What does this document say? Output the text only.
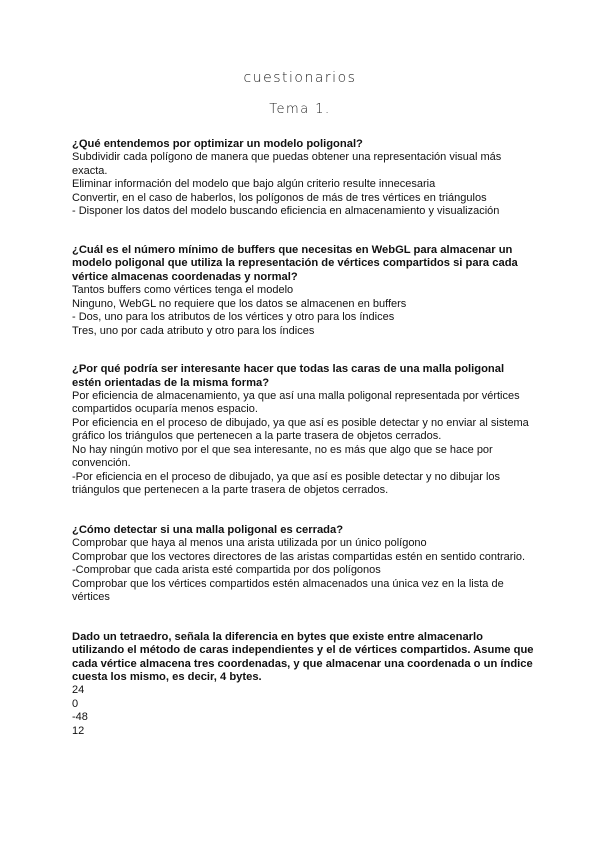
cuestionarios
Tema 1.
¿Qué entendemos por optimizar un modelo poligonal?
Subdividir cada polígono de manera que puedas obtener una representación visual más exacta.
Eliminar información del modelo que bajo algún criterio resulte innecesaria
Convertir, en el caso de haberlos, los polígonos de más de tres vértices en triángulos
- Disponer los datos del modelo buscando eficiencia en almacenamiento y visualización
¿Cuál es el número mínimo de buffers que necesitas en WebGL para almacenar un modelo poligonal que utiliza la representación de vértices compartidos si para cada vértice almacenas coordenadas y normal?
Tantos buffers como vértices tenga el modelo
Ninguno, WebGL no requiere que los datos se almacenen en buffers
- Dos, uno para los atributos de los vértices y otro para los índices
Tres, uno por cada atributo y otro para los índices
¿Por qué podría ser interesante hacer que todas las caras de una malla poligonal estén orientadas de la misma forma?
Por eficiencia de almacenamiento, ya que así una malla poligonal representada por vértices compartidos ocuparía menos espacio.
Por eficiencia en el proceso de dibujado, ya que así es posible detectar y no enviar al sistema gráfico los triángulos que pertenecen a la parte trasera de objetos cerrados.
No hay ningún motivo por el que sea interesante, no es más que algo que se hace por convención.
-Por eficiencia en el proceso de dibujado, ya que así es posible detectar y no dibujar los triángulos que pertenecen a la parte trasera de objetos cerrados.
¿Cómo detectar si una malla poligonal es cerrada?
Comprobar que haya al menos una arista utilizada por un único polígono
Comprobar que los vectores directores de las aristas compartidas estén en sentido contrario.
-Comprobar que cada arista esté compartida por dos polígonos
Comprobar que los vértices compartidos estén almacenados una única vez en la lista de vértices
Dado un tetraedro, señala la diferencia en bytes que existe entre almacenarlo utilizando el método de caras independientes y el de vértices compartidos. Asume que cada vértice almacena tres coordenadas, y que almacenar una coordenada o un índice cuesta los mismo, es decir, 4 bytes.
24
0
-48
12
